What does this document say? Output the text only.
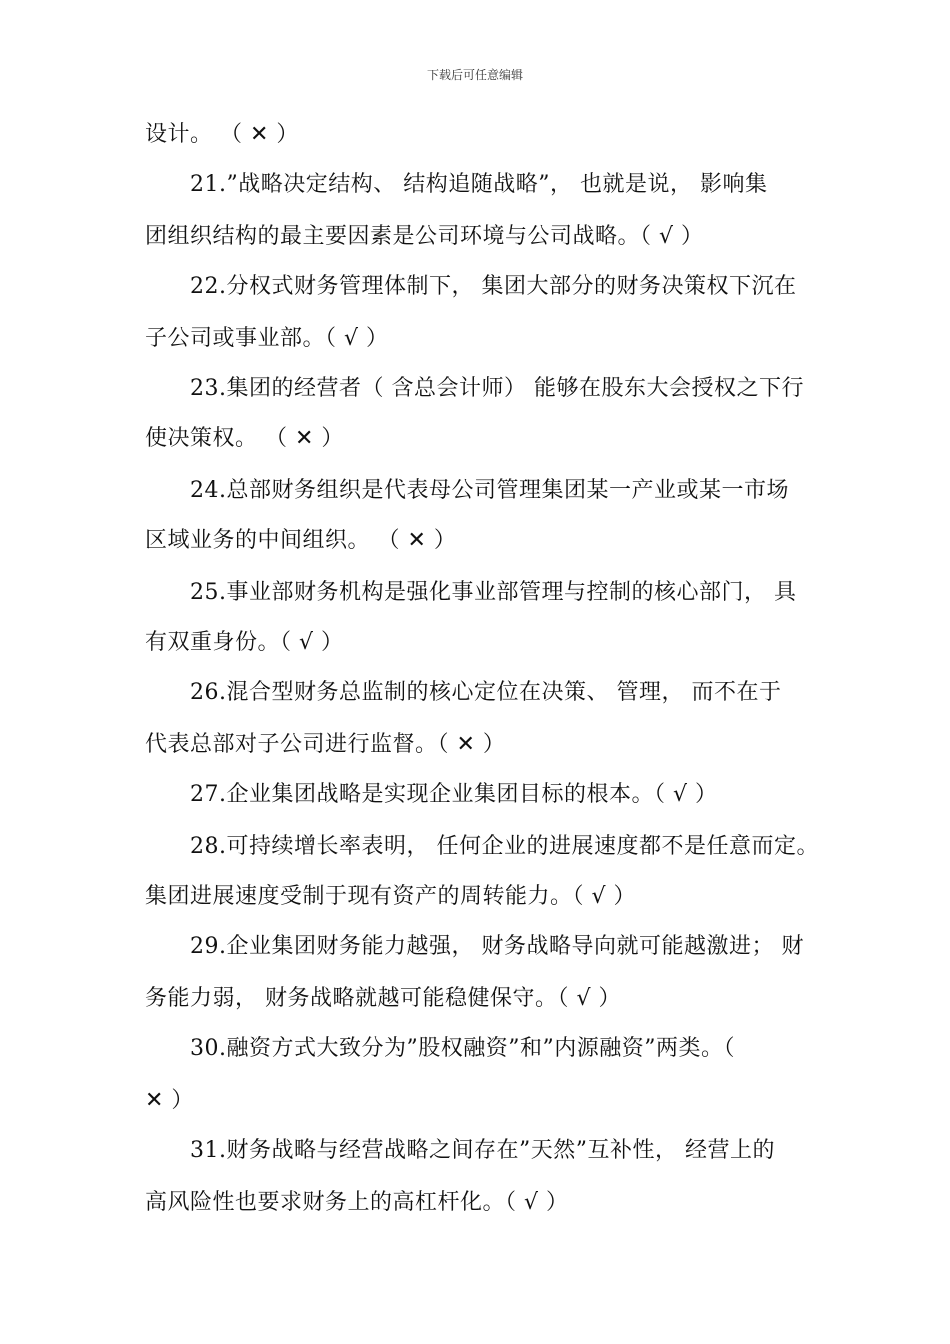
下载后可任意编辑
设计。 （ ✕ ）
21.”战略决定结构、 结构追随战略”， 也就是说， 影响集
团组织结构的最主要因素是公司环境与公司战略。（ √ ）
22.分权式财务管理体制下， 集团大部分的财务决策权下沉在
子公司或事业部。（ √ ）
23.集团的经营者（ 含总会计师） 能够在股东大会授权之下行
使决策权。 （ ✕ ）
24.总部财务组织是代表母公司管理集团某一产业或某一市场
区域业务的中间组织。 （ ✕ ）
25.事业部财务机构是强化事业部管理与控制的核心部门， 具
有双重身份。（ √ ）
26.混合型财务总监制的核心定位在决策、 管理， 而不在于
代表总部对子公司进行监督。（ ✕ ）
27.企业集团战略是实现企业集团目标的根本。（ √ ）
28.可持续增长率表明， 任何企业的进展速度都不是任意而定。
集团进展速度受制于现有资产的周转能力。（ √ ）
29.企业集团财务能力越强， 财务战略导向就可能越激进； 财
务能力弱， 财务战略就越可能稳健保守。（ √ ）
30.融资方式大致分为”股权融资”和”内源融资”两类。（
✕ ）
31.财务战略与经营战略之间存在”天然”互补性， 经营上的
高风险性也要求财务上的高杠杆化。（ √ ）
